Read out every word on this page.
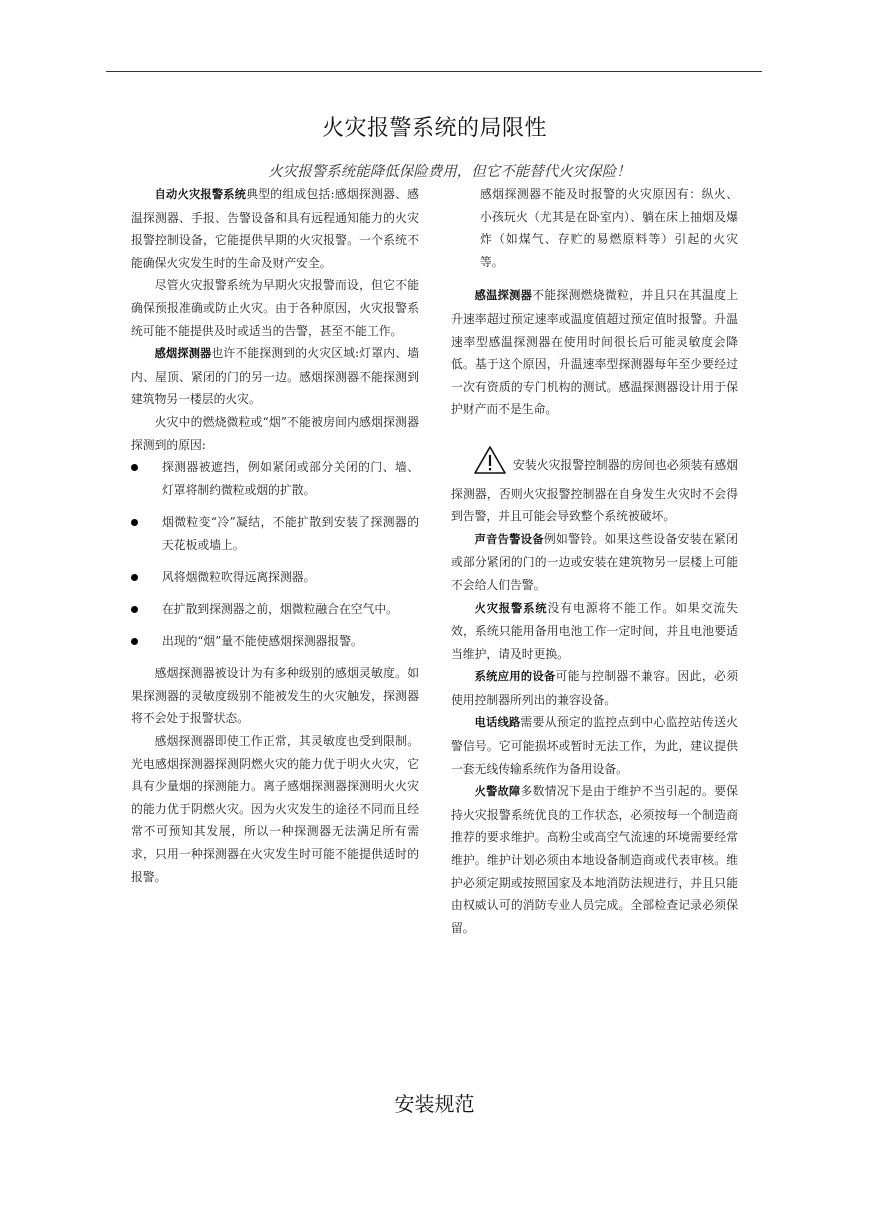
火灾报警系统的局限性
火灾报警系统能降低保险费用，但它不能替代火灾保险！

自动火灾报警系统典型的组成包括:感烟探测器、感温探测器、手报、告警设备和具有远程通知能力的火灾报警控制设备，它能提供早期的火灾报警。一个系统不能确保火灾发生时的生命及财产安全。

尽管火灾报警系统为早期火灾报警而设，但它不能确保预报准确或防止火灾。由于各种原因，火灾报警系统可能不能提供及时或适当的告警，甚至不能工作。

感烟探测器也许不能探测到的火灾区域:灯罩内、墙内、屋顶、紧闭的门的另一边。感烟探测器不能探测到建筑物另一楼层的火灾。

火灾中的燃烧微粒或“烟”不能被房间内感烟探测器探测到的原因:

探测器被遮挡，例如紧闭或部分关闭的门、墙、灯罩将制约微粒或烟的扩散。
烟微粒变“冷”凝结，不能扩散到安装了探测器的天花板或墙上。
风将烟微粒吹得远离探测器。
在扩散到探测器之前，烟微粒融合在空气中。
出现的“烟”量不能使感烟探测器报警。

感烟探测器被设计为有多种级别的感烟灵敏度。如果探测器的灵敏度级别不能被发生的火灾触发，探测器将不会处于报警状态。

感烟探测器即使工作正常，其灵敏度也受到限制。光电感烟探测器探测阴燃火灾的能力优于明火火灾，它具有少量烟的探测能力。离子感烟探测器探测明火火灾的能力优于阴燃火灾。因为火灾发生的途径不同而且经常不可预知其发展，所以一种探测器无法满足所有需求，只用一种探测器在火灾发生时可能不能提供适时的报警。

感烟探测器不能及时报警的火灾原因有：纵火、小孩玩火（尤其是在卧室内）、躺在床上抽烟及爆炸（如煤气、存贮的易燃原料等）引起的火灾等。

感温探测器不能探测燃烧微粒，并且只在其温度上升速率超过预定速率或温度值超过预定值时报警。升温速率型感温探测器在使用时间很长后可能灵敏度会降低。基于这个原因，升温速率型探测器每年至少要经过一次有资质的专门机构的测试。感温探测器设计用于保护财产而不是生命。

安装火灾报警控制器的房间也必须装有感烟探测器，否则火灾报警控制器在自身发生火灾时不会得到告警，并且可能会导致整个系统被破坏。

声音告警设备例如警铃。如果这些设备安装在紧闭或部分紧闭的门的一边或安装在建筑物另一层楼上可能不会给人们告警。

火灾报警系统没有电源将不能工作。如果交流失效，系统只能用备用电池工作一定时间，并且电池要适当维护，请及时更换。

系统应用的设备可能与控制器不兼容。因此，必须使用控制器所列出的兼容设备。

电话线路需要从预定的监控点到中心监控站传送火警信号。它可能损坏或暂时无法工作，为此，建议提供一套无线传输系统作为备用设备。

火警故障多数情况下是由于维护不当引起的。要保持火灾报警系统优良的工作状态，必须按每一个制造商推荐的要求维护。高粉尘或高空气流速的环境需要经常维护。维护计划必须由本地设备制造商或代表审核。维护必须定期或按照国家及本地消防法规进行，并且只能由权威认可的消防专业人员完成。全部检查记录必须保留。

安装规范
